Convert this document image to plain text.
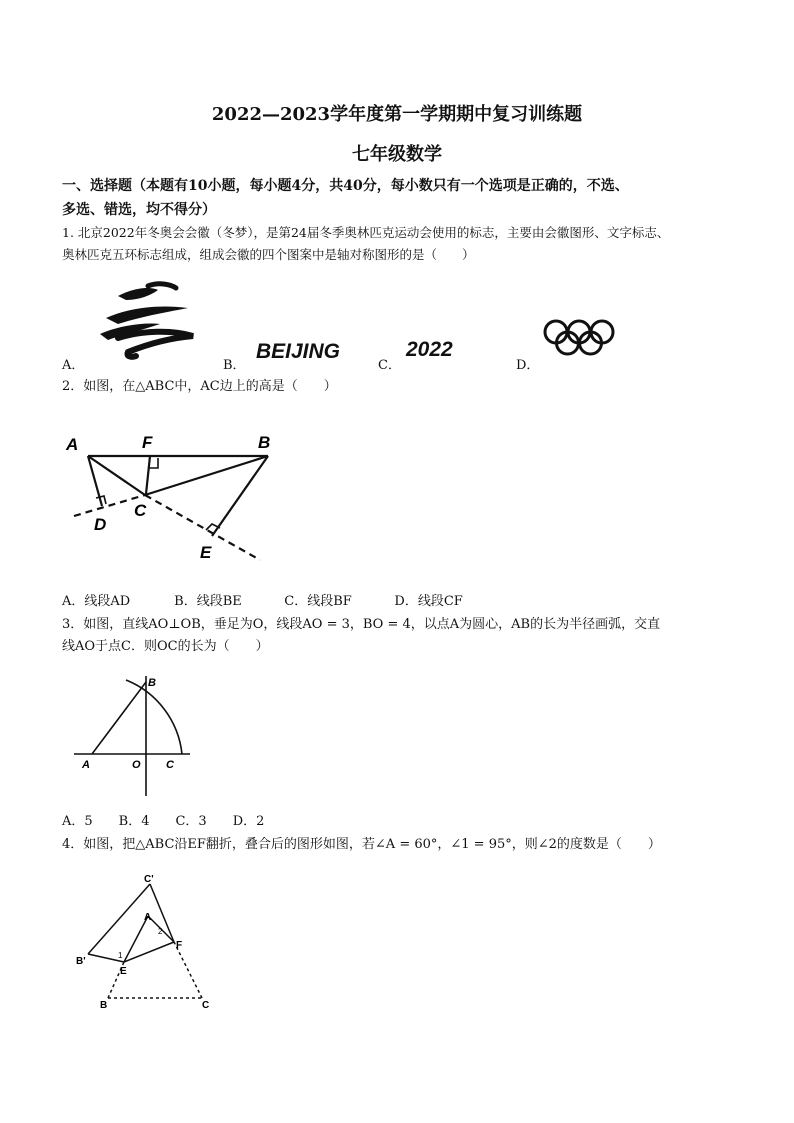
2022—2023学年度第一学期期中复习训练题
七年级数学
一、选择题（本题有10小题，每小题4分，共40分，每小数只有一个选项是正确的，不选、
多选、错选，均不得分）
1. 北京2022年冬奥会会徽（冬梦），是第24届冬季奥林匹克运动会使用的标志，主要由会徽图形、文字标志、
奥林匹克五环标志组成，组成会徽的四个图案中是轴对称图形的是（　　）
A．	B．
BEIJING
C．
2022
D．
2．如图，在△ABC中，AC边上的高是（　　）
A	F	B
D
C
E
A．线段AD	B．线段BE	C．线段BF	D．线段CF
3．如图，直线AO⊥OB，垂足为O，线段AO = 3，BO = 4，以点A为圆心，AB的长为半径画弧，交直
线AO于点C．则OC的长为（　　）
B
A	O C
A．5　　B．4　　C．3　　D．2
4．如图，把△ABC沿EF翻折，叠合后的图形如图，若∠A = 60°，∠1 = 95°，则∠2的度数是（　　）
C'
A
2
1
B'
E
F
B	C
